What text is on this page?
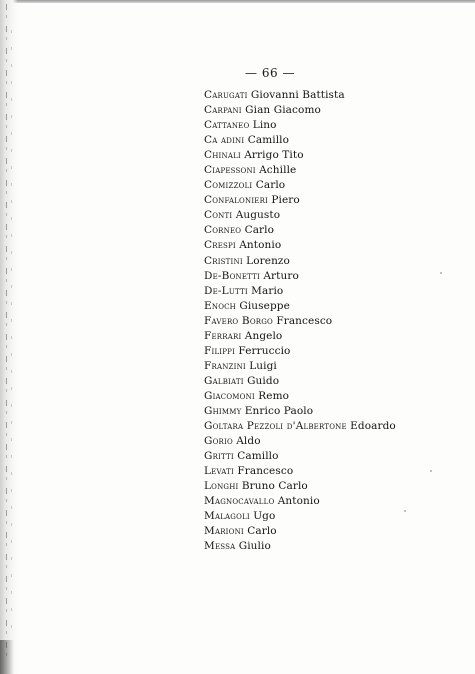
— 66 —
Carugati Giovanni Battista
Carpani Gian Giacomo
Cattaneo Lino
Ca adini Camillo
Chinali Arrigo Tito
Ciapessoni Achille
Comizzoli Carlo
Confalonieri Piero
Conti Augusto
Corneo Carlo
Crespi Antonio
Cristini Lorenzo
De-Bonetti Arturo
De-Lutti Mario
Enoch Giuseppe
Favero Borgo Francesco
Ferrari Angelo
Filippi Ferruccio
Franzini Luigi
Galbiati Guido
Giacomoni Remo
Ghimmy Enrico Paolo
Goltara Pezzoli d'Albertone Edoardo
Gorio Aldo
Gritti Camillo
Levati Francesco
Longhi Bruno Carlo
Magnocavallo Antonio
Malagoli Ugo
Marioni Carlo
Messa Giulio
